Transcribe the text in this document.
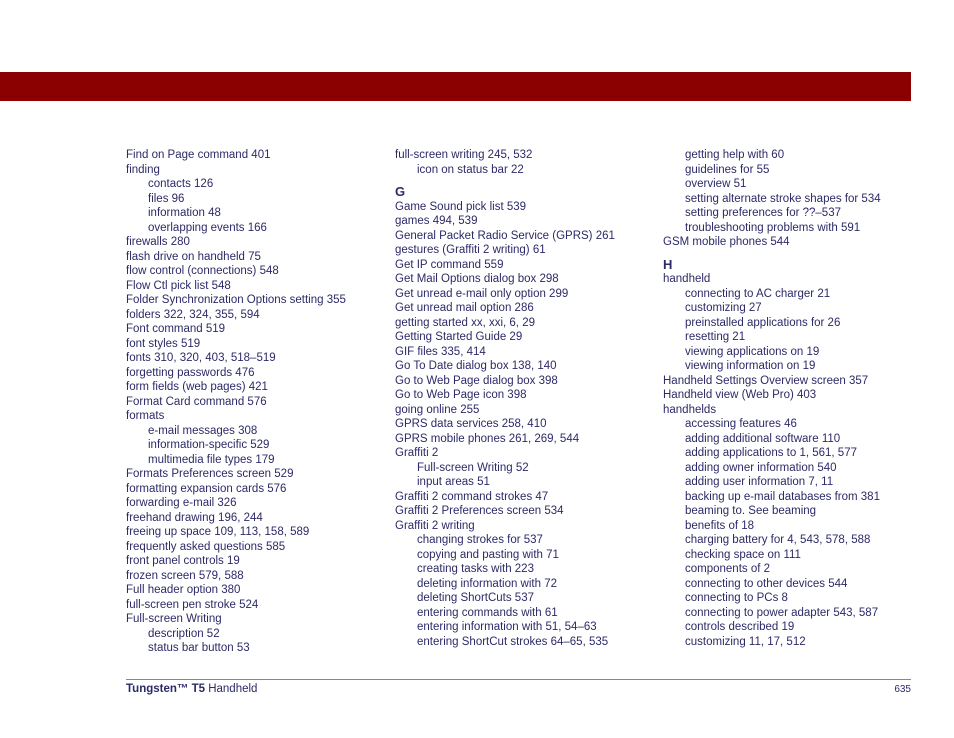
Find on Page command 401
finding
contacts 126
files 96
information 48
overlapping events 166
firewalls 280
flash drive on handheld 75
flow control (connections) 548
Flow Ctl pick list 548
Folder Synchronization Options setting 355
folders 322, 324, 355, 594
Font command 519
font styles 519
fonts 310, 320, 403, 518–519
forgetting passwords 476
form fields (web pages) 421
Format Card command 576
formats
e-mail messages 308
information-specific 529
multimedia file types 179
Formats Preferences screen 529
formatting expansion cards 576
forwarding e-mail 326
freehand drawing 196, 244
freeing up space 109, 113, 158, 589
frequently asked questions 585
front panel controls 19
frozen screen 579, 588
Full header option 380
full-screen pen stroke 524
Full-screen Writing
description 52
status bar button 53
full-screen writing 245, 532
icon on status bar 22
G
Game Sound pick list 539
games 494, 539
General Packet Radio Service (GPRS) 261
gestures (Graffiti 2 writing) 61
Get IP command 559
Get Mail Options dialog box 298
Get unread e-mail only option 299
Get unread mail option 286
getting started xx, xxi, 6, 29
Getting Started Guide 29
GIF files 335, 414
Go To Date dialog box 138, 140
Go to Web Page dialog box 398
Go to Web Page icon 398
going online 255
GPRS data services 258, 410
GPRS mobile phones 261, 269, 544
Graffiti 2
Full-screen Writing 52
input areas 51
Graffiti 2 command strokes 47
Graffiti 2 Preferences screen 534
Graffiti 2 writing
changing strokes for 537
copying and pasting with 71
creating tasks with 223
deleting information with 72
deleting ShortCuts 537
entering commands with 61
entering information with 51, 54–63
entering ShortCut strokes 64–65, 535
getting help with 60
guidelines for 55
overview 51
setting alternate stroke shapes for 534
setting preferences for ??–537
troubleshooting problems with 591
GSM mobile phones 544
H
handheld
connecting to AC charger 21
customizing 27
preinstalled applications for 26
resetting 21
viewing applications on 19
viewing information on 19
Handheld Settings Overview screen 357
Handheld view (Web Pro) 403
handhelds
accessing features 46
adding additional software 110
adding applications to 1, 561, 577
adding owner information 540
adding user information 7, 11
backing up e-mail databases from 381
beaming to. See beaming
benefits of 18
charging battery for 4, 543, 578, 588
checking space on 111
components of 2
connecting to other devices 544
connecting to PCs 8
connecting to power adapter 543, 587
controls described 19
customizing 11, 17, 512
Tungsten™ T5 Handheld	635
